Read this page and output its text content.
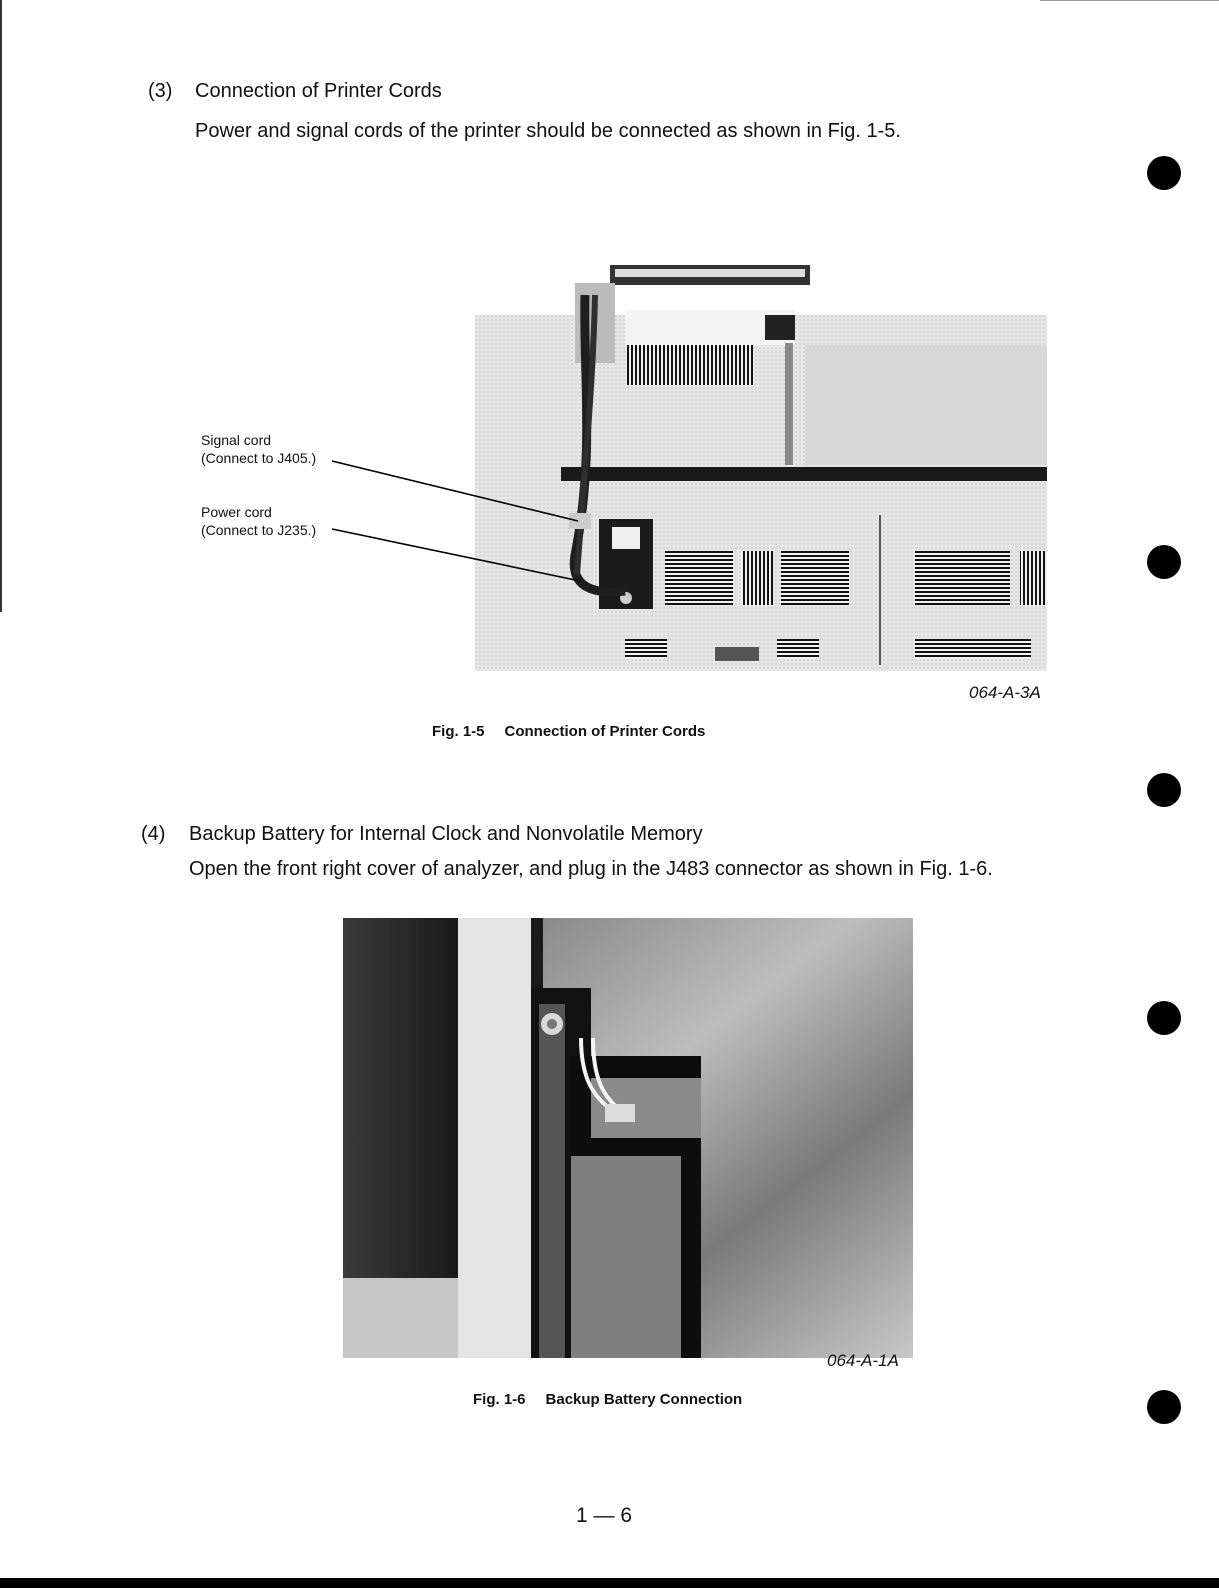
(3) Connection of Printer Cords
Power and signal cords of the printer should be connected as shown in Fig. 1-5.
Signal cord
(Connect to J405.)
Power cord
(Connect to J235.)
064-A-3A
Fig. 1-5 Connection of Printer Cords
(4) Backup Battery for Internal Clock and Nonvolatile Memory
Open the front right cover of analyzer, and plug in the J483 connector as shown in Fig. 1-6.
064-A-1A
Fig. 1-6 Backup Battery Connection
1 — 6
